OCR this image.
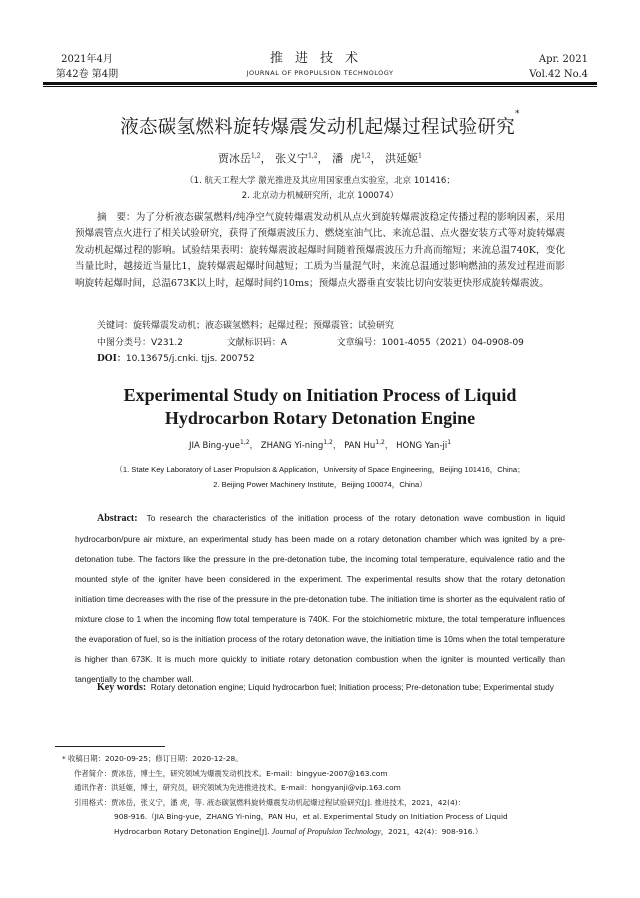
2021年4月
第42卷 第4期
推进技术
JOURNAL OF PROPULSION TECHNOLOGY
Apr. 2021
Vol.42 No.4
液态碳氢燃料旋转爆震发动机起爆过程试验研究*
贾冰岳$^{1,2}$， 张义宁$^{1,2}$， 潘  虎$^{1,2}$， 洪延姬$^1$
（1. 航天工程大学 激光推进及其应用国家重点实验室，北京 101416；
2. 北京动力机械研究所，北京 100074）
摘　要：为了分析液态碳氢燃料/纯净空气旋转爆震发动机从点火到旋转爆震波稳定传播过程的影响因素，采用预爆震管点火进行了相关试验研究，获得了预爆震波压力、燃烧室油气比、来流总温、点火器安装方式等对旋转爆震发动机起爆过程的影响。试验结果表明：旋转爆震波起爆时间随着预爆震波压力升高而缩短；来流总温740K，变化当量比时，越接近当量比1，旋转爆震起爆时间越短；工质为当量混气时，来流总温通过影响燃油的蒸发过程进而影响旋转起爆时间，总温673K以上时，起爆时间约10ms；预爆点火器垂直安装比切向安装更快形成旋转爆震波。
关键词：旋转爆震发动机；液态碳氢燃料；起爆过程；预爆震管；试验研究
中图分类号：V231.2	文献标识码：A	文章编号：1001-4055（2021）04-0908-09
DOI：10.13675/j.cnki. tjjs. 200752
Experimental Study on Initiation Process of Liquid
Hydrocarbon Rotary Detonation Engine
JIA Bing-yue$^{1,2}$， ZHANG Yi-ning$^{1,2}$， PAN Hu$^{1,2}$， HONG Yan-$ji^1$
（1. State Key Laboratory of Laser Propulsion & Application，University of Space Engineering，Beijing 101416，China；
2. Beijing Power Machinery Institute，Beijing 100074，China）
Abstract: To research the characteristics of the initiation process of the rotary detonation wave combustion in liquid hydrocarbon/pure air mixture, an experimental study has been made on a rotary detonation chamber which was ignited by a pre-detonation tube. The factors like the pressure in the pre-detonation tube, the incoming total temperature, equivalence ratio and the mounted style of the igniter have been considered in the experiment. The experimental results show that the rotary detonation initiation time decreases with the rise of the pressure in the pre-detonation tube. The initiation time is shorter as the equivalent ratio of mixture close to 1 when the incoming flow total temperature is 740K. For the stoichiometric mixture, the total temperature influences the evaporation of fuel, so is the initiation process of the rotary detonation wave, the initiation time is 10ms when the total temperature is higher than 673K. It is much more quickly to initiate rotary detonation combustion when the igniter is mounted vertically than tangentially to the chamber wall.
Key words: Rotary detonation engine; Liquid hydrocarbon fuel; Initiation process; Pre-detonation tube; Experimental study
* 收稿日期：2020-09-25；修订日期：2020-12-28。
作者简介：贾冰岳，博士生，研究领域为爆震发动机技术。E-mail：bingyue-2007@163.com
通讯作者：洪延姬，博士，研究员，研究领域为先进推进技术。E-mail：hongyanji@vip.163.com
引用格式：贾冰岳，张义宁，潘 虎，等. 液态碳氢燃料旋转爆震发动机起爆过程试验研究[J]. 推进技术，2021，42(4)：
908-916.（JIA Bing-yue，ZHANG Yi-ning，PAN Hu，et al. Experimental Study on Initiation Process of Liquid
Hydrocarbon Rotary Detonation Engine[J]. Journal of Propulsion Technology，2021，42(4)：908-916.）
